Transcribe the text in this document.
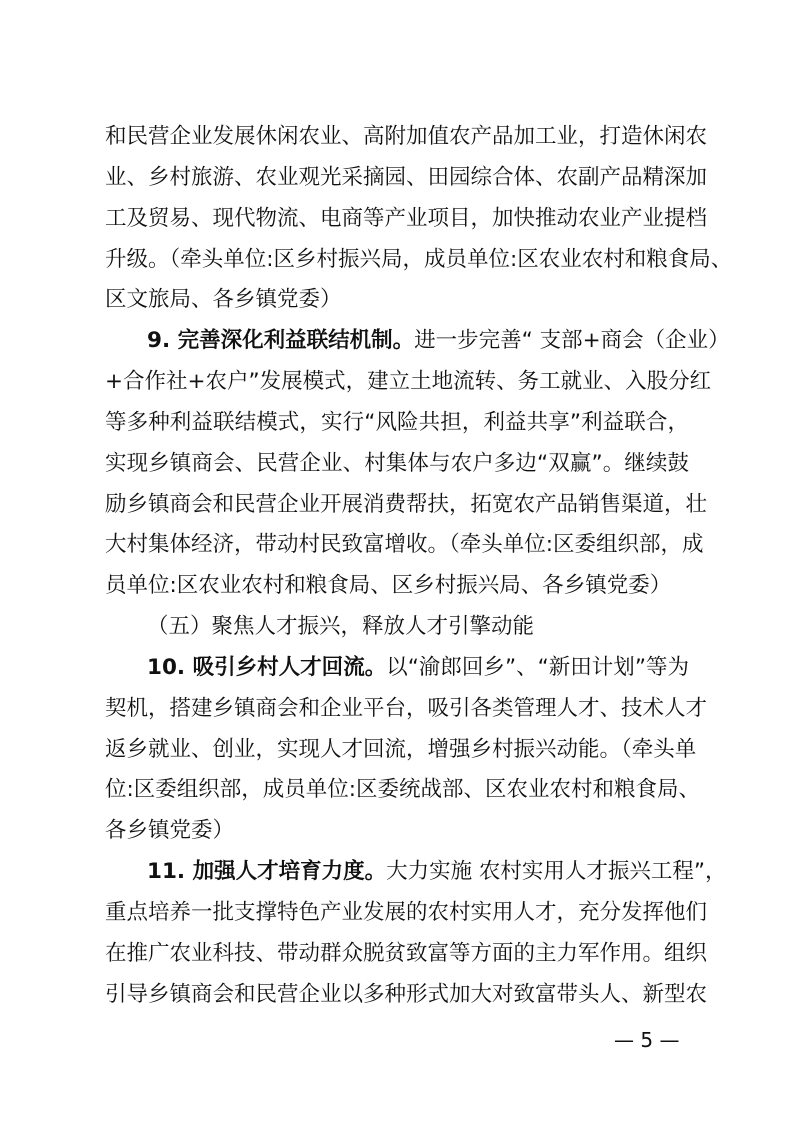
和民营企业发展休闲农业、高附加值农产品加工业，打造休闲农
业、乡村旅游、农业观光采摘园、田园综合体、农副产品精深加
工及贸易、现代物流、电商等产业项目，加快推动农业产业提档
升级。（牵头单位:区乡村振兴局，成员单位:区农业农村和粮食局、
区文旅局、各乡镇党委）
9. 完善深化利益联结机制。进一步完善“ 支部+商会（企业）
+合作社+农户”发展模式，建立土地流转、务工就业、入股分红
等多种利益联结模式，实行“风险共担，利益共享”利益联合，
实现乡镇商会、民营企业、村集体与农户多边“双赢”。继续鼓
励乡镇商会和民营企业开展消费帮扶，拓宽农产品销售渠道，壮
大村集体经济，带动村民致富增收。（牵头单位:区委组织部，成
员单位:区农业农村和粮食局、区乡村振兴局、各乡镇党委）
（五）聚焦人才振兴，释放人才引擎动能
10. 吸引乡村人才回流。以“渝郎回乡”、“新田计划”等为
契机，搭建乡镇商会和企业平台，吸引各类管理人才、技术人才
返乡就业、创业，实现人才回流，增强乡村振兴动能。（牵头单
位:区委组织部，成员单位:区委统战部、区农业农村和粮食局、
各乡镇党委）
11. 加强人才培育力度。大力实施 农村实用人才振兴工程”，
重点培养一批支撑特色产业发展的农村实用人才，充分发挥他们
在推广农业科技、带动群众脱贫致富等方面的主力军作用。组织
引导乡镇商会和民营企业以多种形式加大对致富带头人、新型农
— 5 —
